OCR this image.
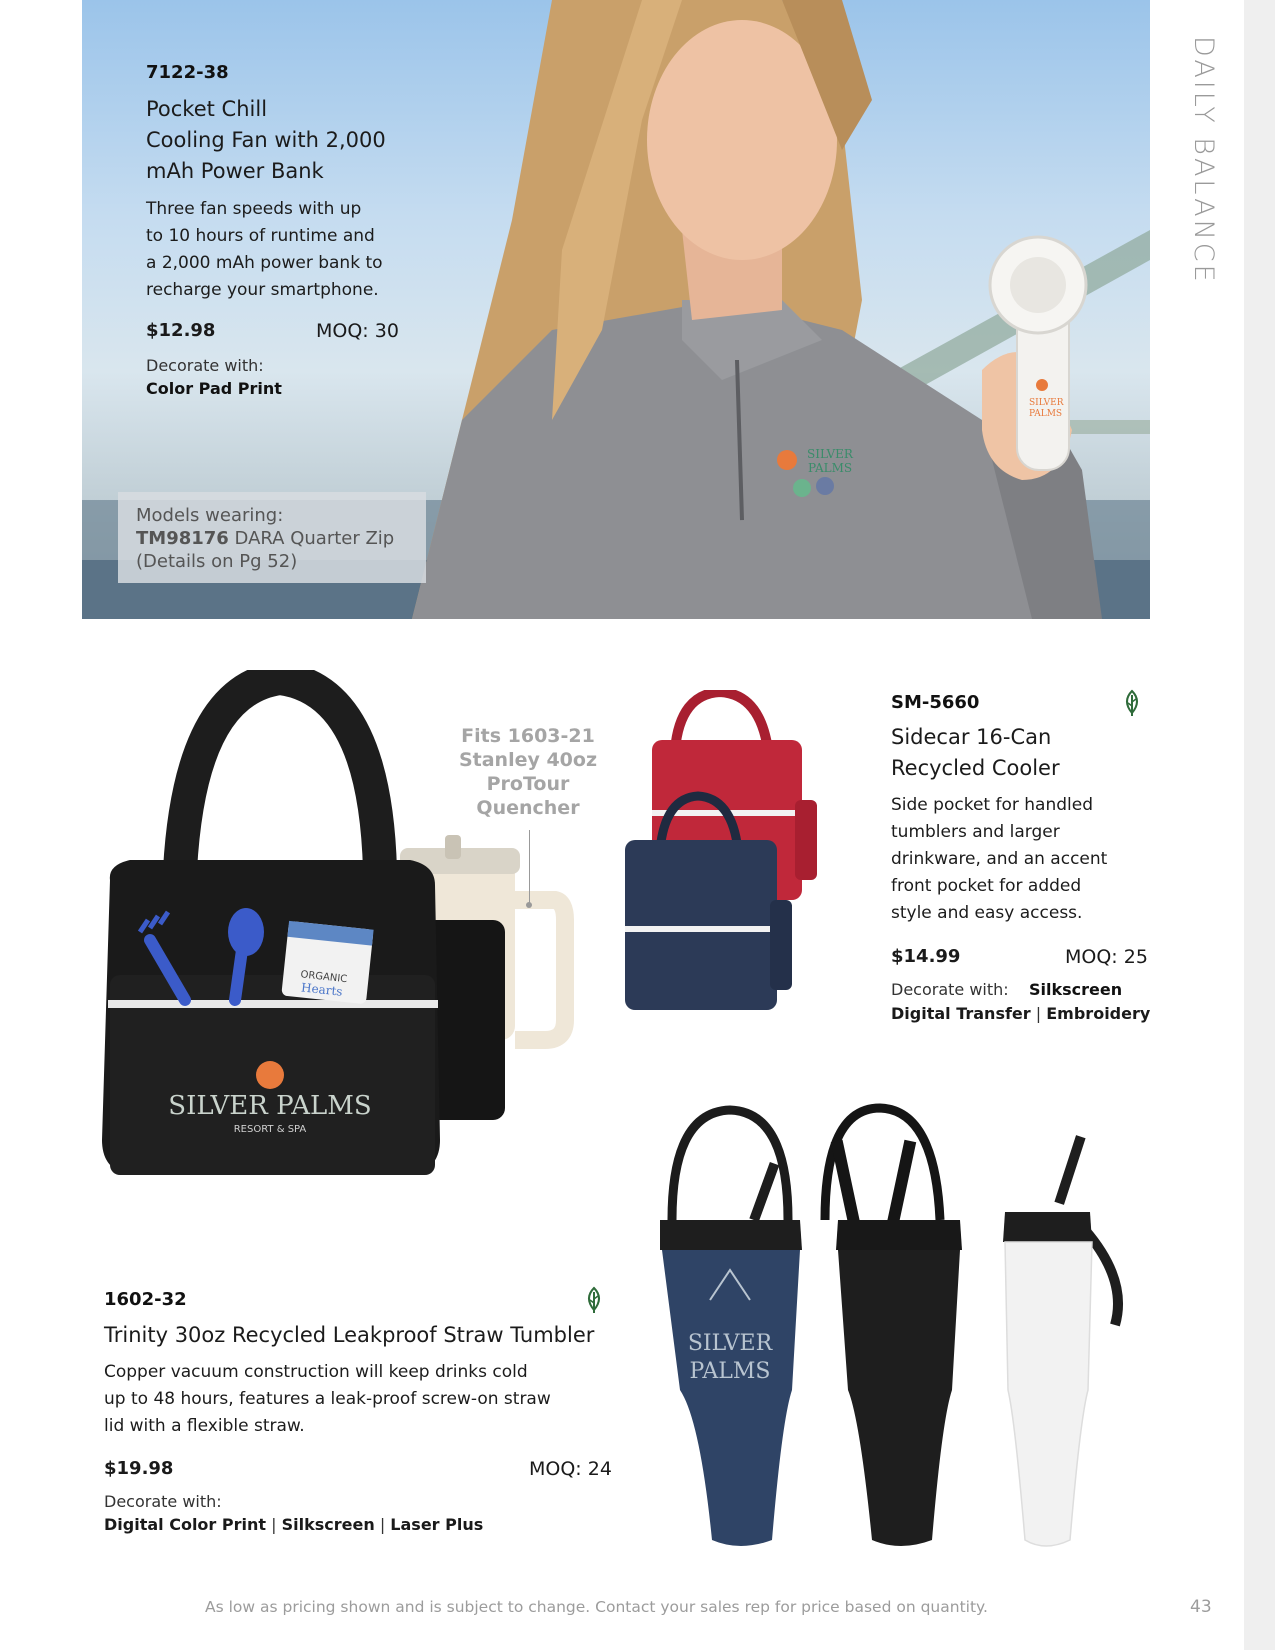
DAILY BALANCE
SILVER
PALMS
SILVER
PALMS
7122-38
Pocket Chill
Cooling Fan with 2,000
mAh Power Bank
Three fan speeds with up
to 10 hours of runtime and
a 2,000 mAh power bank to
recharge your smartphone.
$12.98	MOQ: 30
Decorate with:
Color Pad Print
Models wearing:
TM98176 DARA Quarter Zip
(Details on Pg 52)
ORGANIC
Hearts
SILVER PALMS
RESORT & SPA
Fits 1603-21
Stanley 40oz
ProTour
Quencher
SM-5660
Sidecar 16-Can
Recycled Cooler
Side pocket for handled
tumblers and larger
drinkware, and an accent
front pocket for added
style and easy access.
$14.99	MOQ: 25
Decorate with: Silkscreen
Digital Transfer | Embroidery
SILVER
PALMS
1602-32
Trinity 30oz Recycled Leakproof Straw Tumbler
Copper vacuum construction will keep drinks cold
up to 48 hours, features a leak-proof screw-on straw
lid with a flexible straw.
$19.98	MOQ: 24
Decorate with:
Digital Color Print | Silkscreen | Laser Plus
As low as pricing shown and is subject to change. Contact your sales rep for price based on quantity.	43
